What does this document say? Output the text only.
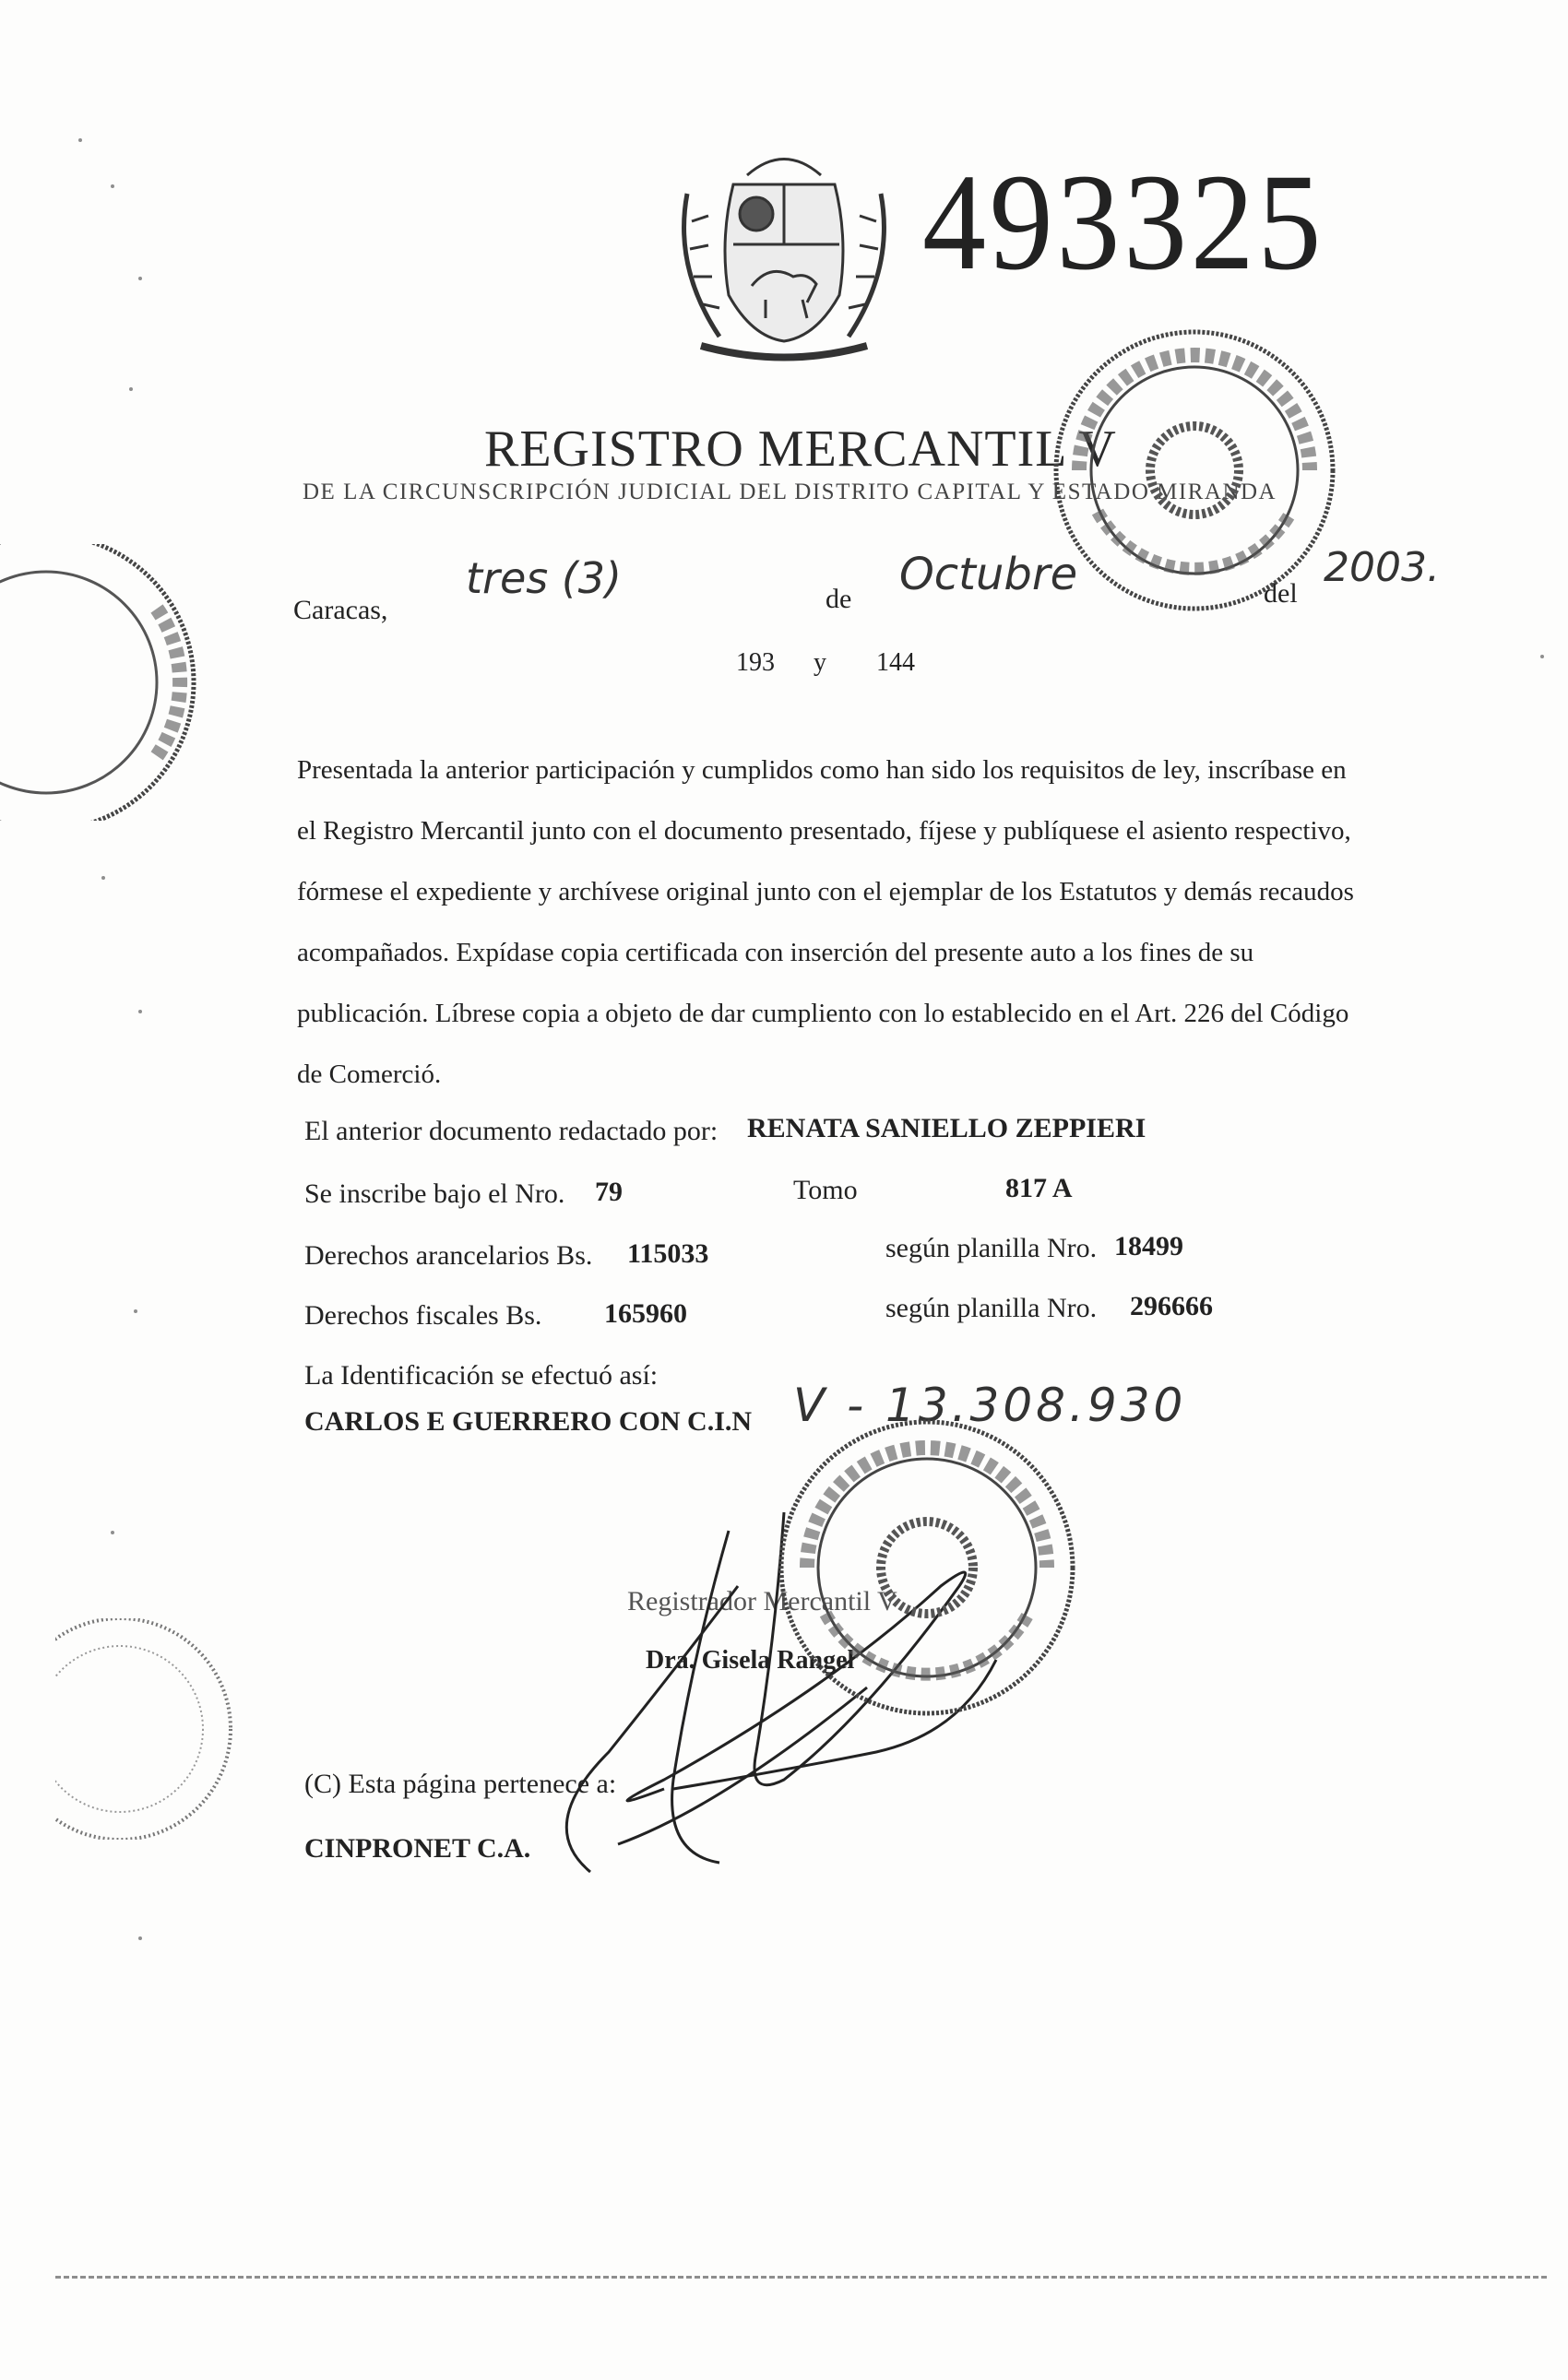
493325
REGISTRO MERCANTIL V
DE LA CIRCUNSCRIPCIÓN JUDICIAL DEL DISTRITO CAPITAL Y ESTADO MIRANDA
Caracas,
tres (3)	de Octubre	del
2003.
193 y 144

Presentada la anterior participación y cumplidos como han sido los requisitos de ley, inscríbase en

el Registro Mercantil junto con el documento presentado, fíjese y publíquese el asiento respectivo,

fórmese el expediente y archívese original junto con el ejemplar de los Estatutos y demás recaudos

acompañados. Expídase copia certificada con inserción del presente auto a los fines de su

publicación. Líbrese copia a objeto de dar cumpliento con lo establecido en el Art. 226 del Código

de Comerció.

El anterior documento redactado por: RENATA SANIELLO ZEPPIERI
Se inscribe bajo el Nro. 79	Tomo	817 A
Derechos arancelarios Bs. 115033	según planilla Nro. 18499
Derechos fiscales Bs. 165960	según planilla Nro. 296666
La Identificación se efectuó así:
CARLOS E GUERRERO CON C.I.N V - 13.308.930
Registrador Mercantil V
Dra. Gisela Rangel
(C) Esta página pertenece a:
CINPRONET C.A.
